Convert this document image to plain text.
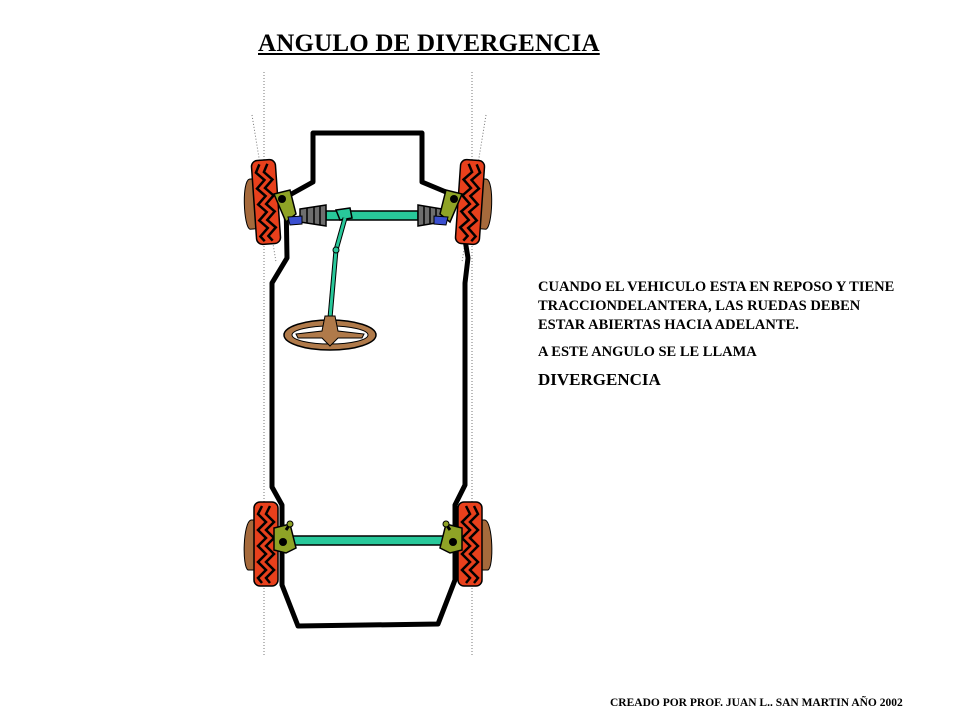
ANGULO DE DIVERGENCIA

CUANDO EL VEHICULO ESTA EN REPOSO Y TIENE TRACCIONDELANTERA, LAS RUEDAS DEBEN ESTAR ABIERTAS HACIA ADELANTE.

A ESTE ANGULO SE LE LLAMA

DIVERGENCIA

CREADO POR PROF. JUAN L.. SAN MARTIN AÑO 2002
